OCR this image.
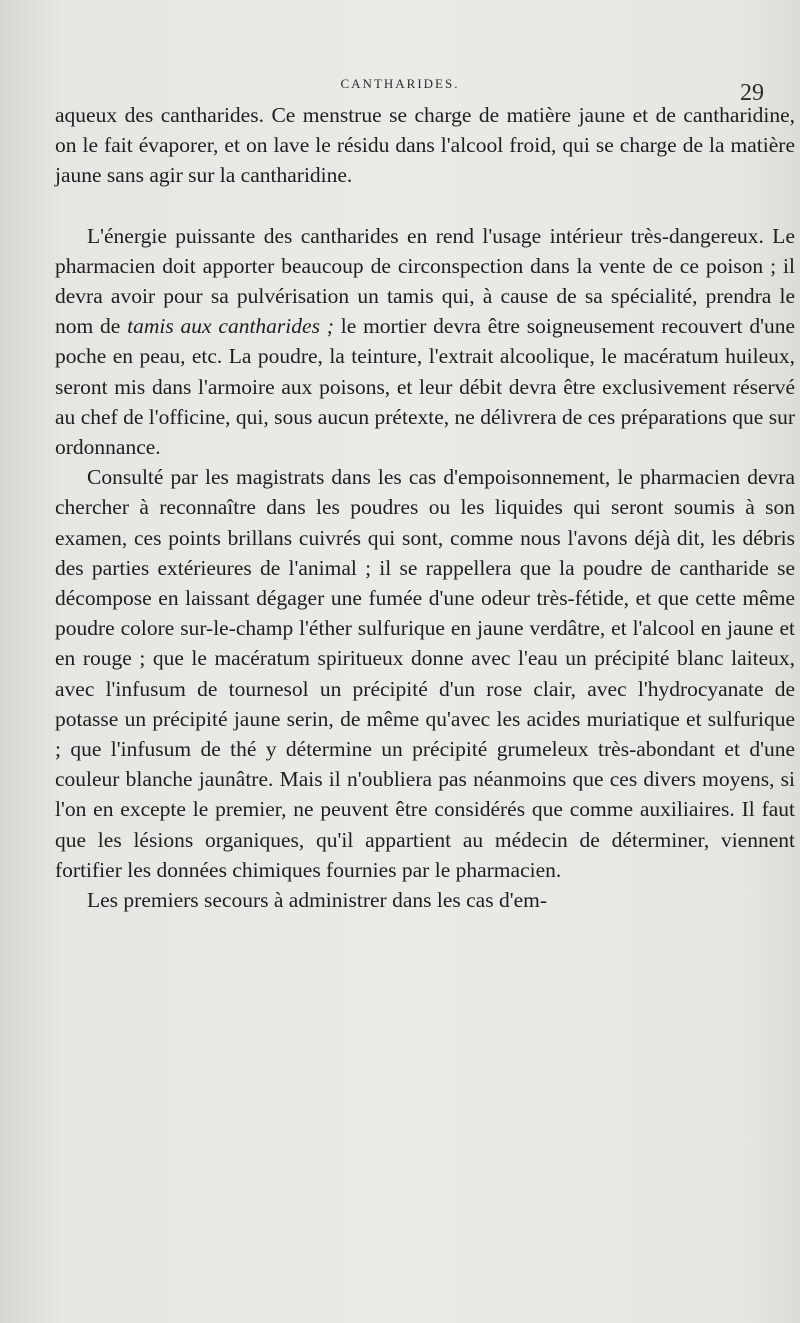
CANTHARIDES.	29

aqueux des cantharides. Ce menstrue se charge de matière jaune et de cantharidine, on le fait évaporer, et on lave le résidu dans l'alcool froid, qui se charge de la matière jaune sans agir sur la cantharidine.

L'énergie puissante des cantharides en rend l'usage intérieur très-dangereux. Le pharmacien doit apporter beaucoup de circonspection dans la vente de ce poison ; il devra avoir pour sa pulvérisation un tamis qui, à cause de sa spécialité, prendra le nom de tamis aux cantharides ; le mortier devra être soigneusement recouvert d'une poche en peau, etc. La poudre, la teinture, l'extrait alcoolique, le macératum huileux, seront mis dans l'armoire aux poisons, et leur débit devra être exclusivement réservé au chef de l'officine, qui, sous aucun prétexte, ne délivrera de ces préparations que sur ordonnance.

Consulté par les magistrats dans les cas d'empoisonnement, le pharmacien devra chercher à reconnaître dans les poudres ou les liquides qui seront soumis à son examen, ces points brillans cuivrés qui sont, comme nous l'avons déjà dit, les débris des parties extérieures de l'animal ; il se rappellera que la poudre de cantharide se décompose en laissant dégager une fumée d'une odeur très-fétide, et que cette même poudre colore sur-le-champ l'éther sulfurique en jaune verdâtre, et l'alcool en jaune et en rouge ; que le macératum spiritueux donne avec l'eau un précipité blanc laiteux, avec l'infusum de tournesol un précipité d'un rose clair, avec l'hydrocyanate de potasse un précipité jaune serin, de même qu'avec les acides muriatique et sulfurique ; que l'infusum de thé y détermine un précipité grumeleux très-abondant et d'une couleur blanche jaunâtre. Mais il n'oubliera pas néanmoins que ces divers moyens, si l'on en excepte le premier, ne peuvent être considérés que comme auxiliaires. Il faut que les lésions organiques, qu'il appartient au médecin de déterminer, viennent fortifier les données chimiques fournies par le pharmacien.

Les premiers secours à administrer dans les cas d'em-
